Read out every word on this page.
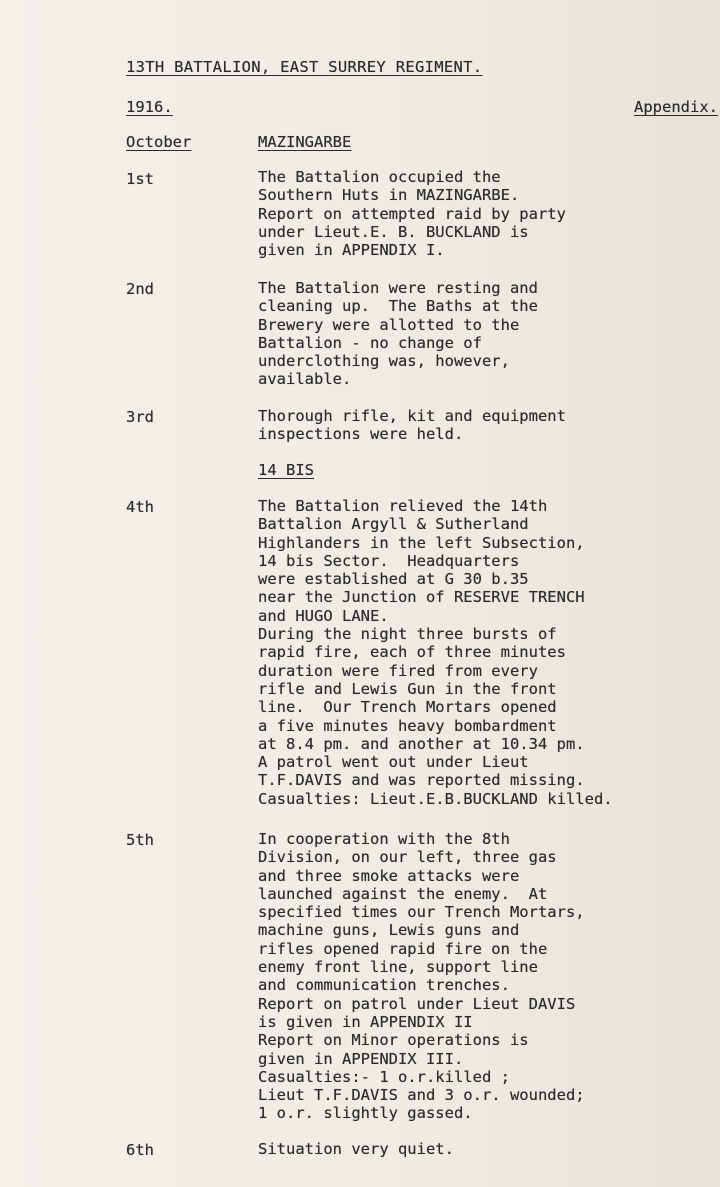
13TH BATTALION, EAST SURREY REGIMENT.
1916.	Appendix.
October	MAZINGARBE
1st	The Battalion occupied the
Southern Huts in MAZINGARBE.
Report on attempted raid by party
under Lieut.E. B. BUCKLAND is
given in APPENDIX I.
2nd	The Battalion were resting and
cleaning up.  The Baths at the
Brewery were allotted to the
Battalion - no change of
underclothing was, however,
available.
3rd	Thorough rifle, kit and equipment
inspections were held.
14 BIS
4th	The Battalion relieved the 14th
Battalion Argyll & Sutherland
Highlanders in the left Subsection,
14 bis Sector.  Headquarters
were established at G 30 b.35
near the Junction of RESERVE TRENCH
and HUGO LANE.
During the night three bursts of
rapid fire, each of three minutes
duration were fired from every
rifle and Lewis Gun in the front
line.  Our Trench Mortars opened
a five minutes heavy bombardment
at 8.4 pm. and another at 10.34 pm.
A patrol went out under Lieut
T.F.DAVIS and was reported missing.
Casualties: Lieut.E.B.BUCKLAND killed.
5th	In cooperation with the 8th
Division, on our left, three gas
and three smoke attacks were
launched against the enemy.  At
specified times our Trench Mortars,
machine guns, Lewis guns and
rifles opened rapid fire on the
enemy front line, support line
and communication trenches.
Report on patrol under Lieut DAVIS
is given in APPENDIX II
Report on Minor operations is
given in APPENDIX III.
Casualties:- 1 o.r.killed ;
Lieut T.F.DAVIS and 3 o.r. wounded;
1 o.r. slightly gassed.
6th	Situation very quiet.
